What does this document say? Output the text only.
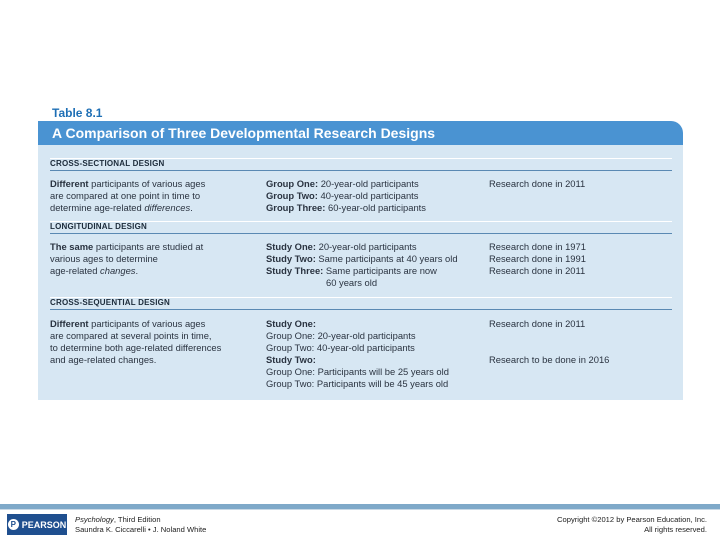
Table 8.1
A Comparison of Three Developmental Research Designs
CROSS-SECTIONAL DESIGN
Different participants of various ages
are compared at one point in time to
determine age-related differences.
Group One: 20-year-old participants
Group Two: 40-year-old participants
Group Three: 60-year-old participants
Research done in 2011
LONGITUDINAL DESIGN
The same participants are studied at
various ages to determine
age-related changes.
Study One: 20-year-old participants
Study Two: Same participants at 40 years old
Study Three: Same participants are now
60 years old
Research done in 1971
Research done in 1991
Research done in 2011
CROSS-SEQUENTIAL DESIGN
Different participants of various ages
are compared at several points in time,
to determine both age-related differences
and age-related changes.
Study One:
Group One: 20-year-old participants
Group Two: 40-year-old participants
Study Two:
Group One: Participants will be 25 years old
Group Two: Participants will be 45 years old
Research done in 2011
Research to be done in 2016
P PEARSON Psychology, Third Edition
Saundra K. Ciccarelli • J. Noland White
Copyright ©2012 by Pearson Education, Inc.
All rights reserved.
